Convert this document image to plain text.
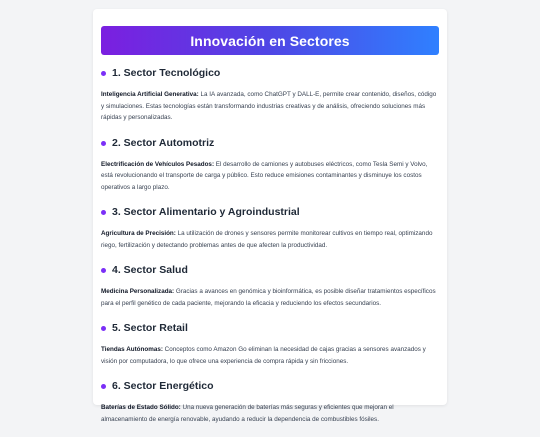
Innovación en Sectores
1. Sector Tecnológico

Inteligencia Artificial Generativa: La IA avanzada, como ChatGPT y DALL-E, permite crear contenido, diseños, código y simulaciones. Estas tecnologías están transformando industrias creativas y de análisis, ofreciendo soluciones más rápidas y personalizadas.

2. Sector Automotriz

Electrificación de Vehículos Pesados: El desarrollo de camiones y autobuses eléctricos, como Tesla Semi y Volvo, está revolucionando el transporte de carga y público. Esto reduce emisiones contaminantes y disminuye los costos operativos a largo plazo.

3. Sector Alimentario y Agroindustrial

Agricultura de Precisión: La utilización de drones y sensores permite monitorear cultivos en tiempo real, optimizando riego, fertilización y detectando problemas antes de que afecten la productividad.

4. Sector Salud

Medicina Personalizada: Gracias a avances en genómica y bioinformática, es posible diseñar tratamientos específicos para el perfil genético de cada paciente, mejorando la eficacia y reduciendo los efectos secundarios.

5. Sector Retail

Tiendas Autónomas: Conceptos como Amazon Go eliminan la necesidad de cajas gracias a sensores avanzados y visión por computadora, lo que ofrece una experiencia de compra rápida y sin fricciones.

6. Sector Energético

Baterías de Estado Sólido: Una nueva generación de baterías más seguras y eficientes que mejoran el almacenamiento de energía renovable, ayudando a reducir la dependencia de combustibles fósiles.
